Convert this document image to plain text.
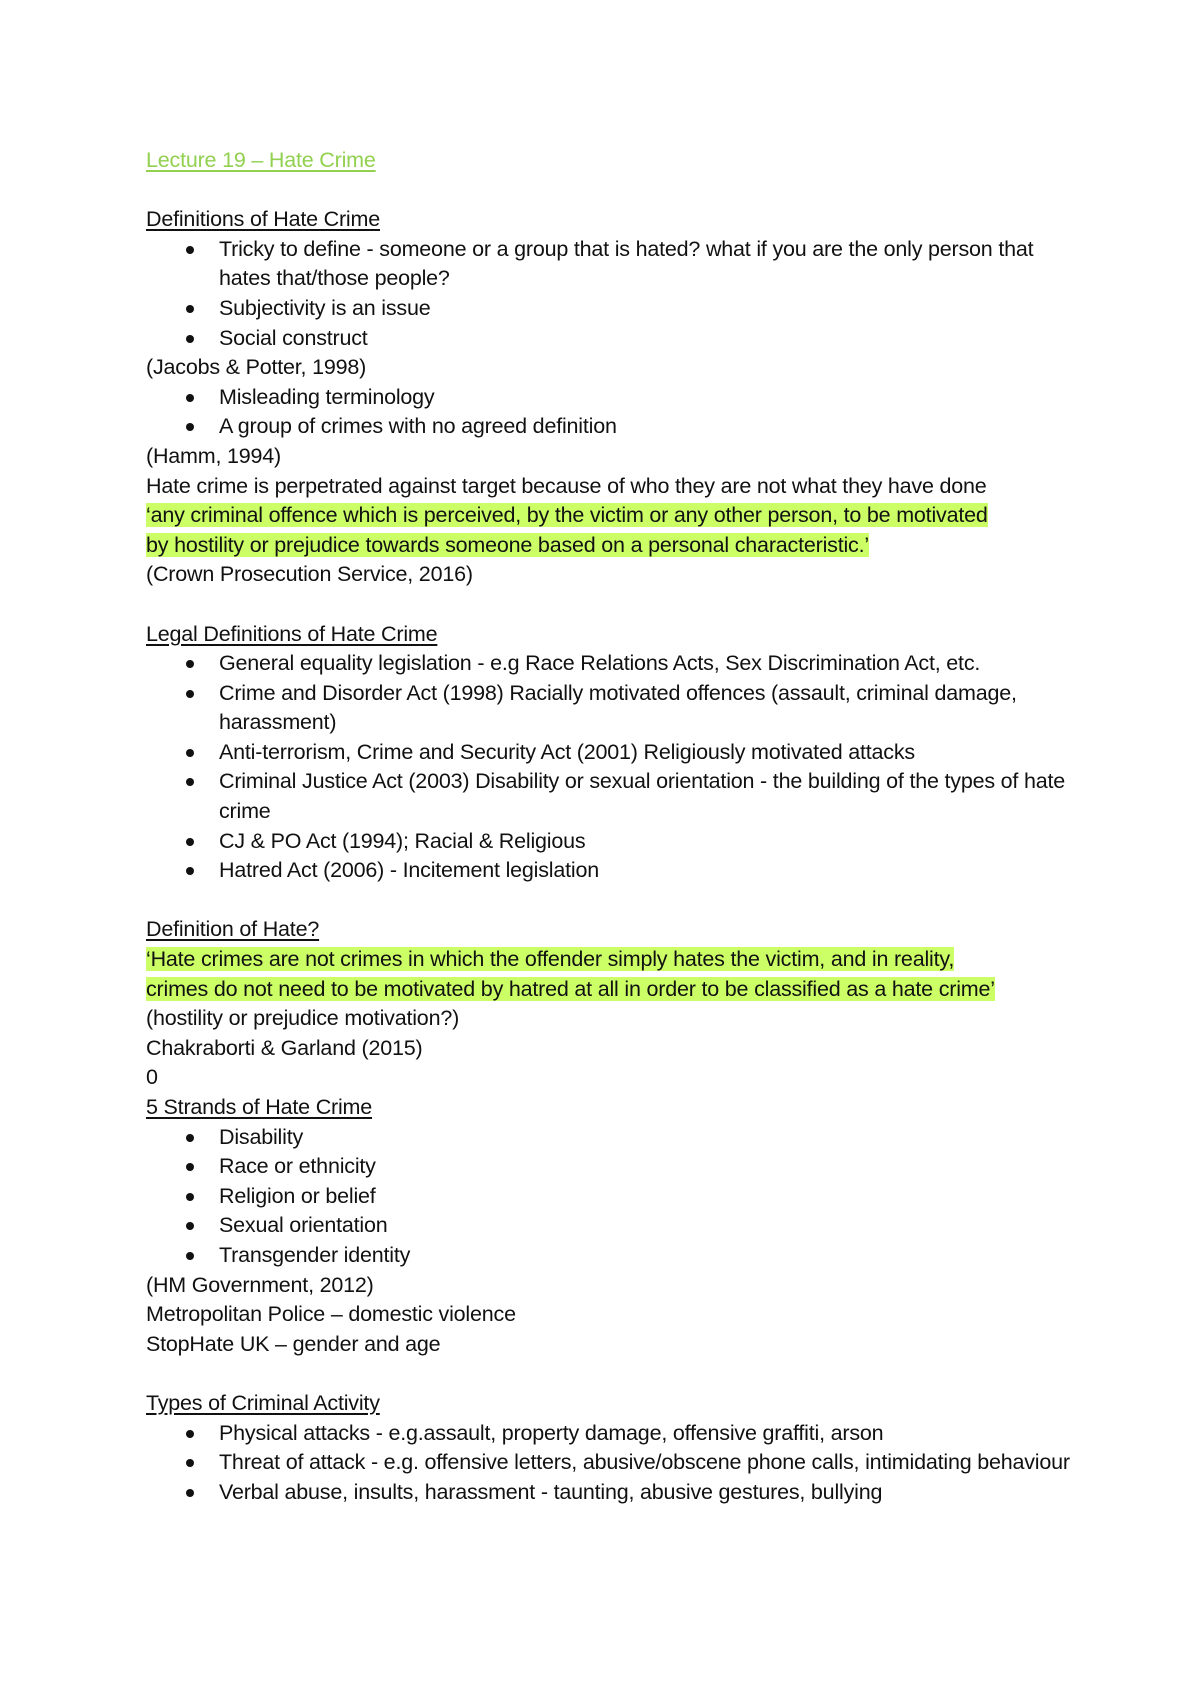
Lecture 19 – Hate Crime
Definitions of Hate Crime
Tricky to define - someone or a group that is hated? what if you are the only person that hates that/those people?
Subjectivity is an issue
Social construct
(Jacobs & Potter, 1998)
Misleading terminology
A group of crimes with no agreed definition
(Hamm, 1994)
Hate crime is perpetrated against target because of who they are not what they have done
‘any criminal offence which is perceived, by the victim or any other person, to be motivated
by hostility or prejudice towards someone based on a personal characteristic.’
(Crown Prosecution Service, 2016)
Legal Definitions of Hate Crime
General equality legislation - e.g Race Relations Acts, Sex Discrimination Act, etc.
Crime and Disorder Act (1998) Racially motivated offences (assault, criminal damage, harassment)
Anti-terrorism, Crime and Security Act (2001) Religiously motivated attacks
Criminal Justice Act (2003) Disability or sexual orientation - the building of the types of hate crime
CJ & PO Act (1994); Racial & Religious
Hatred Act (2006) - Incitement legislation
Definition of Hate?
‘Hate crimes are not crimes in which the offender simply hates the victim, and in reality,
crimes do not need to be motivated by hatred at all in order to be classified as a hate crime’
(hostility or prejudice motivation?)
Chakraborti & Garland (2015)
0
5 Strands of Hate Crime
Disability
Race or ethnicity
Religion or belief
Sexual orientation
Transgender identity
(HM Government, 2012)
Metropolitan Police – domestic violence
StopHate UK – gender and age
Types of Criminal Activity
Physical attacks - e.g.assault, property damage, offensive graffiti, arson
Threat of attack - e.g. offensive letters, abusive/obscene phone calls, intimidating behaviour
Verbal abuse, insults, harassment - taunting, abusive gestures, bullying
